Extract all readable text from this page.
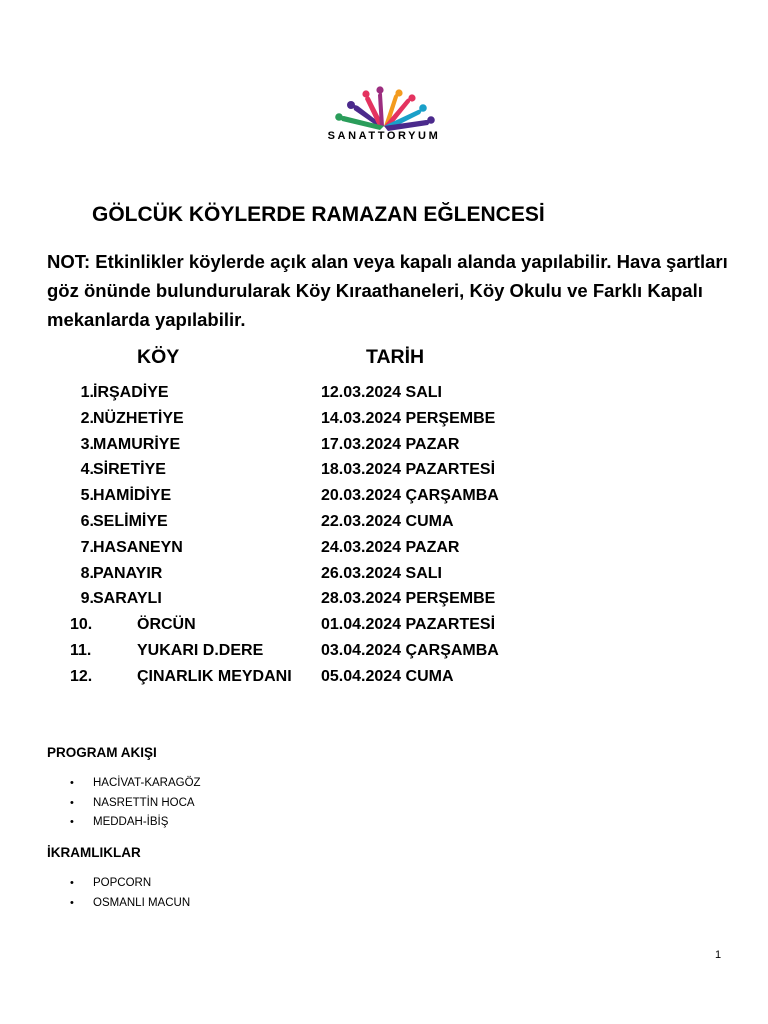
SANATTORYUM
GÖLCÜK KÖYLERDE RAMAZAN EĞLENCESİ
NOT: Etkinlikler köylerde açık alan veya kapalı alanda yapılabilir. Hava şartları göz önünde bulundurularak Köy Kıraathaneleri, Köy Okulu ve Farklı Kapalı mekanlarda yapılabilir.
KÖY	TARİH
1. İRŞADİYE	12.03.2024 SALI
2. NÜZHETİYE	14.03.2024 PERŞEMBE
3. MAMURİYE	17.03.2024 PAZAR
4. SİRETİYE	18.03.2024 PAZARTESİ
5. HAMİDİYE	20.03.2024 ÇARŞAMBA
6. SELİMİYE	22.03.2024 CUMA
7. HASANEYN	24.03.2024 PAZAR
8. PANAYIR	26.03.2024 SALI
9. SARAYLI	28.03.2024 PERŞEMBE
10.	ÖRCÜN	01.04.2024 PAZARTESİ
11.	YUKARI D.DERE	03.04.2024 ÇARŞAMBA
12.	ÇINARLIK MEYDANI 05.04.2024 CUMA
PROGRAM AKIŞI
• HACİVAT-KARAGÖZ
• NASRETTİN HOCA
• MEDDAH-İBİŞ
İKRAMLIKLAR
• POPCORN
• OSMANLI MACUN
1
